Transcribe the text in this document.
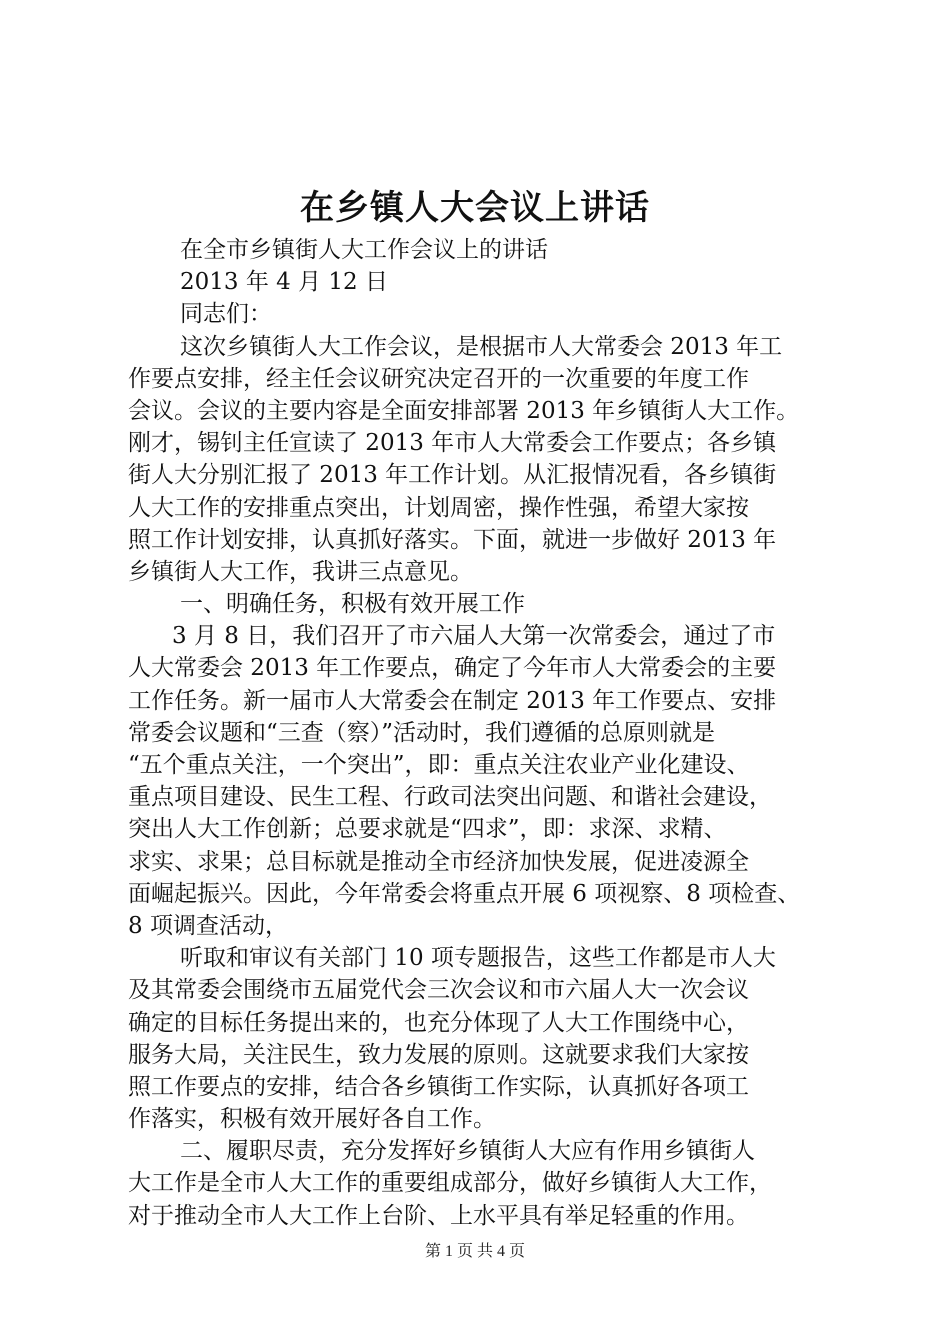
在乡镇人大会议上讲话
在全市乡镇街人大工作会议上的讲话
2013 年 4 月 12 日
同志们：
这次乡镇街人大工作会议，是根据市人大常委会 2013 年工
作要点安排，经主任会议研究决定召开的一次重要的年度工作
会议。会议的主要内容是全面安排部署 2013 年乡镇街人大工作。
刚才，锡钊主任宣读了 2013 年市人大常委会工作要点；各乡镇
街人大分别汇报了 2013 年工作计划。从汇报情况看，各乡镇街
人大工作的安排重点突出，计划周密，操作性强，希望大家按
照工作计划安排，认真抓好落实。下面，就进一步做好 2013 年
乡镇街人大工作，我讲三点意见。
一、明确任务，积极有效开展工作
3 月 8 日，我们召开了市六届人大第一次常委会，通过了市
人大常委会 2013 年工作要点，确定了今年市人大常委会的主要
工作任务。新一届市人大常委会在制定 2013 年工作要点、安排
常委会议题和“三查（察）”活动时，我们遵循的总原则就是
“五个重点关注，一个突出”，即：重点关注农业产业化建设、
重点项目建设、民生工程、行政司法突出问题、和谐社会建设，
突出人大工作创新；总要求就是“四求”，即：求深、求精、
求实、求果；总目标就是推动全市经济加快发展，促进凌源全
面崛起振兴。因此，今年常委会将重点开展 6 项视察、8 项检查、
8 项调查活动，
听取和审议有关部门 10 项专题报告，这些工作都是市人大
及其常委会围绕市五届党代会三次会议和市六届人大一次会议
确定的目标任务提出来的，也充分体现了人大工作围绕中心，
服务大局，关注民生，致力发展的原则。这就要求我们大家按
照工作要点的安排，结合各乡镇街工作实际，认真抓好各项工
作落实，积极有效开展好各自工作。
二、履职尽责，充分发挥好乡镇街人大应有作用乡镇街人
大工作是全市人大工作的重要组成部分，做好乡镇街人大工作，
对于推动全市人大工作上台阶、上水平具有举足轻重的作用。
第 1 页 共 4 页
